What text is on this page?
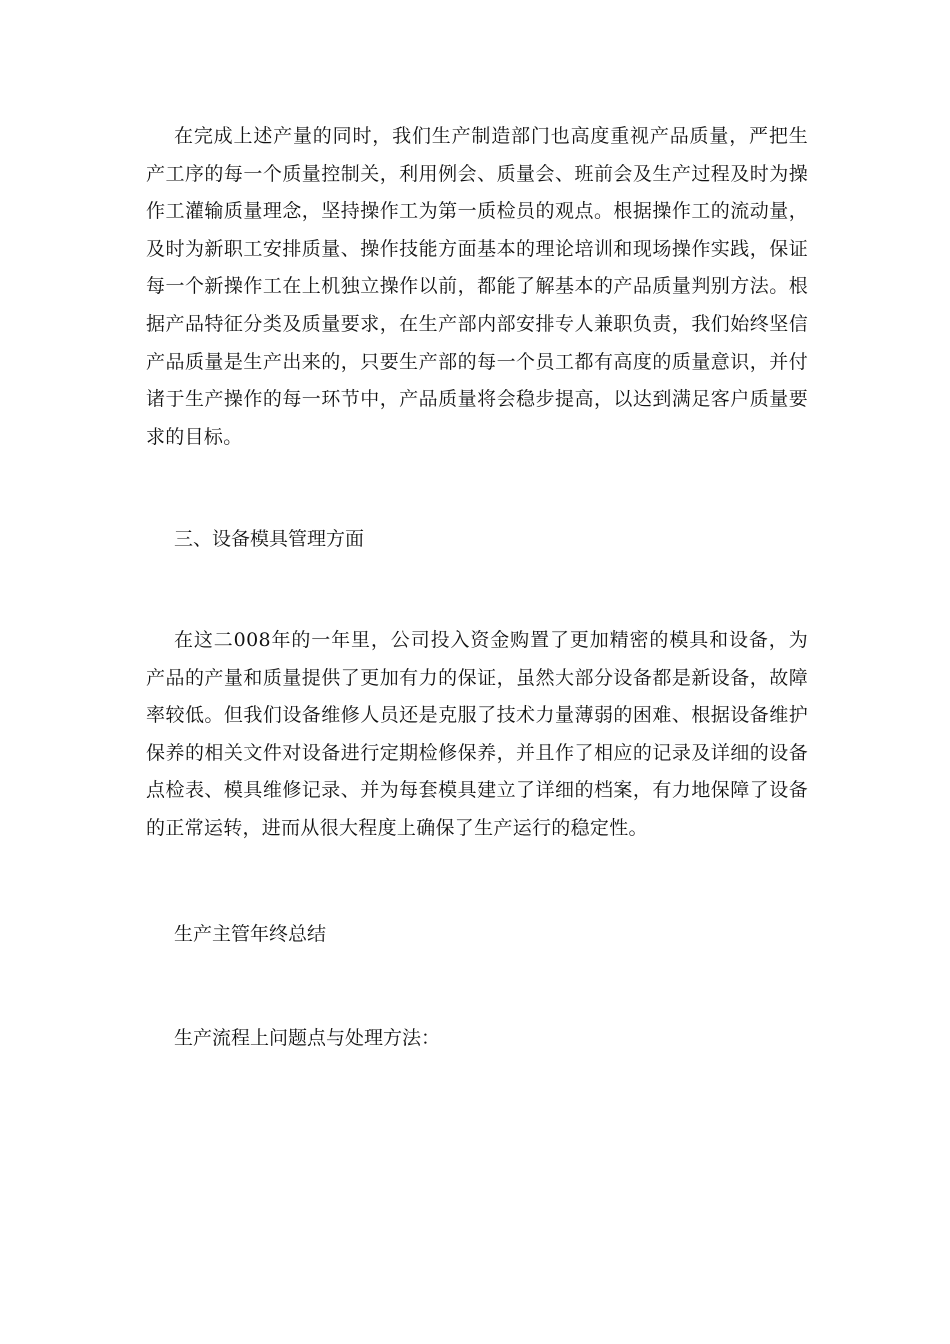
在完成上述产量的同时，我们生产制造部门也高度重视产品质量，严把生产工序的每一个质量控制关，利用例会、质量会、班前会及生产过程及时为操作工灌输质量理念，坚持操作工为第一质检员的观点。根据操作工的流动量，及时为新职工安排质量、操作技能方面基本的理论培训和现场操作实践，保证每一个新操作工在上机独立操作以前，都能了解基本的产品质量判别方法。根据产品特征分类及质量要求，在生产部内部安排专人兼职负责，我们始终坚信产品质量是生产出来的，只要生产部的每一个员工都有高度的质量意识，并付诸于生产操作的每一环节中，产品质量将会稳步提高，以达到满足客户质量要求的目标。

三、设备模具管理方面

在这二008年的一年里，公司投入资金购置了更加精密的模具和设备，为产品的产量和质量提供了更加有力的保证，虽然大部分设备都是新设备，故障率较低。但我们设备维修人员还是克服了技术力量薄弱的困难、根据设备维护保养的相关文件对设备进行定期检修保养，并且作了相应的记录及详细的设备点检表、模具维修记录、并为每套模具建立了详细的档案，有力地保障了设备的正常运转，进而从很大程度上确保了生产运行的稳定性。

生产主管年终总结

生产流程上问题点与处理方法：
